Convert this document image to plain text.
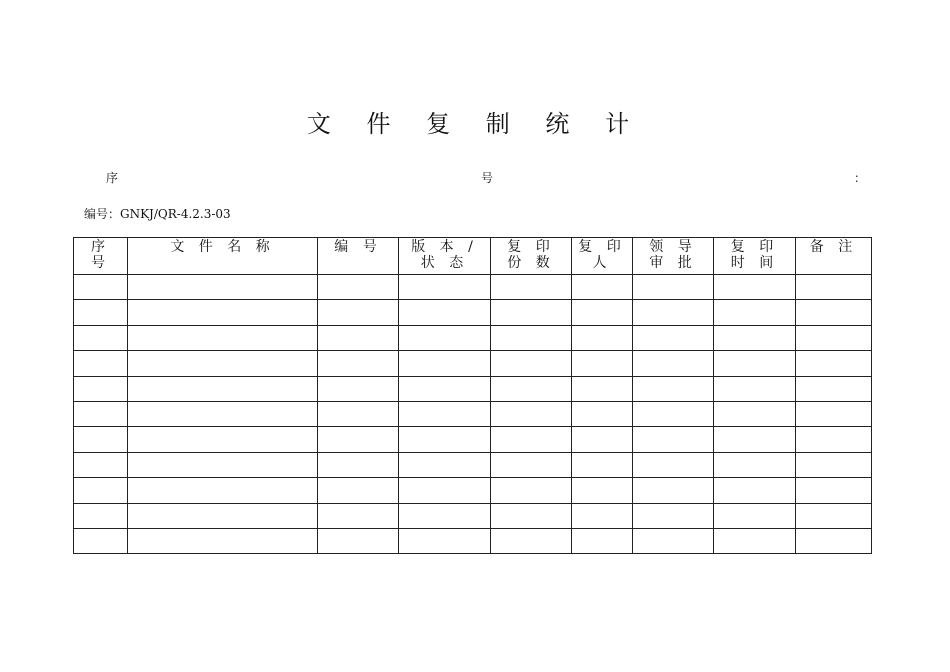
文 件 复 制 统 计
序	号	：
编号：GNKJ/QR-4.2.3-03
序 号	文 件 名 称	编 号	版 本 / 状 态	复 印 份 数	复 印 人	领 导 审 批	复 印 时 间	备 注
